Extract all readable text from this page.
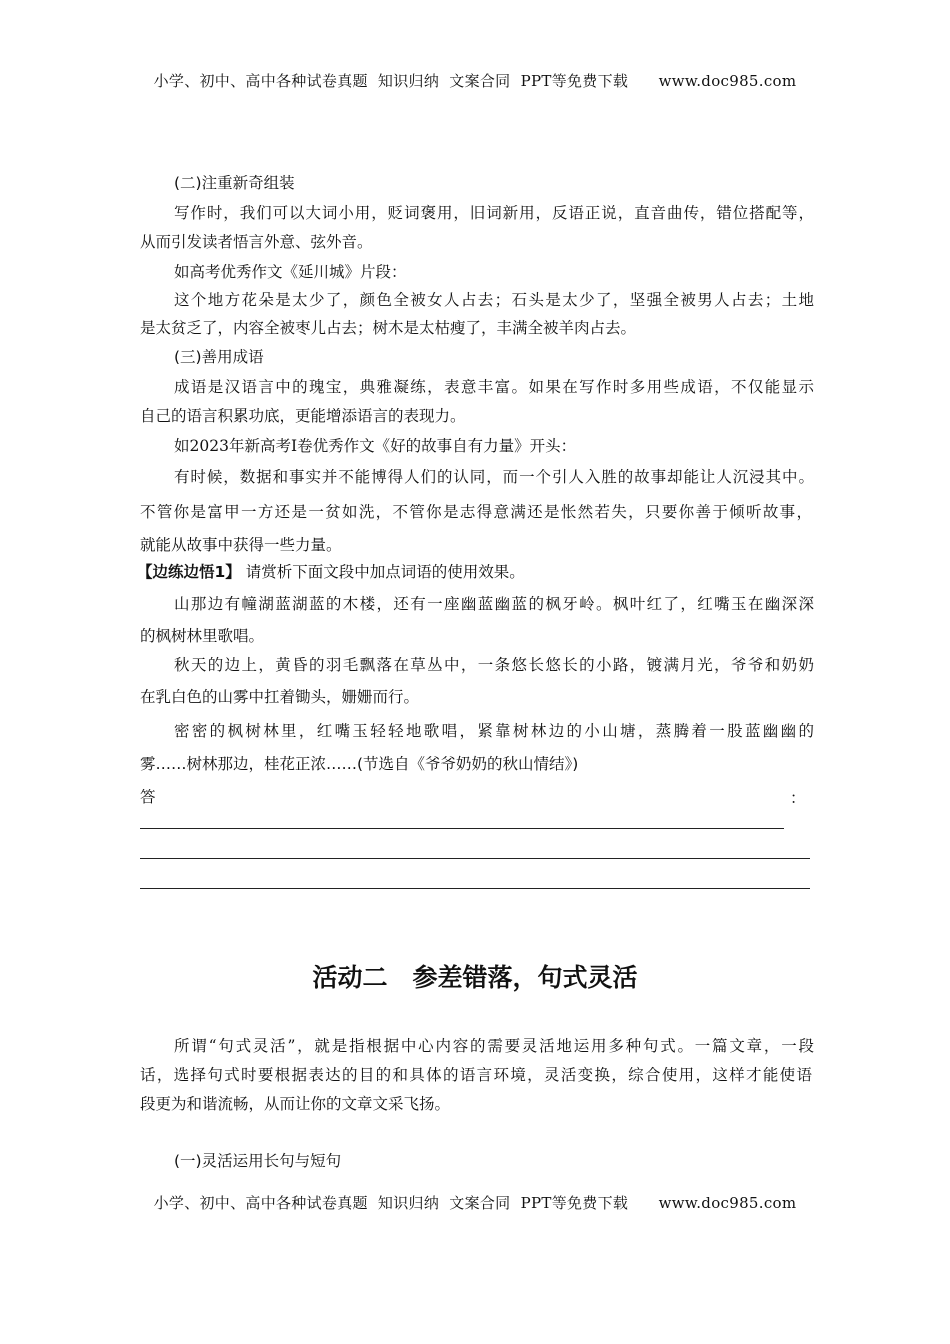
小学、初中、高中各种试卷真题  知识归纳  文案合同  PPT等免费下载      www.doc985.com
(二)注重新奇组装
写作时，我们可以大词小用，贬词褒用，旧词新用，反语正说，直音曲传，错位搭配等，
从而引发读者悟言外意、弦外音。
如高考优秀作文《延川城》片段：
这个地方花朵是太少了，颜色全被女人占去；石头是太少了，坚强全被男人占去；土地
是太贫乏了，内容全被枣儿占去；树木是太枯瘦了，丰满全被羊肉占去。
(三)善用成语
成语是汉语言中的瑰宝，典雅凝练，表意丰富。如果在写作时多用些成语，不仅能显示
自己的语言积累功底，更能增添语言的表现力。
如2023年新高考Ⅰ卷优秀作文《好的故事自有力量》开头：
有时候，数据和事实并不能博得人们的认同，而一个引人入胜的故事却能让人沉浸其中。
不管你是富甲一方还是一贫如洗，不管你是志得意满还是怅然若失，只要你善于倾听故事，
就能从故事中获得一些力量。
【边练边悟1】 请赏析下面文段中加点词语的使用效果。
山那边有幢湖蓝湖蓝的木楼，还有一座幽蓝幽蓝的枫牙岭。枫叶红了，红嘴玉在幽深深
的枫树林里歌唱。
秋天的边上，黄昏的羽毛飘落在草丛中，一条悠长悠长的小路，镀满月光，爷爷和奶奶
在乳白色的山雾中扛着锄头，姗姗而行。
密密的枫树林里，红嘴玉轻轻地歌唱，紧靠树林边的小山塘，蒸腾着一股蓝幽幽的
雾……树林那边，桂花正浓……(节选自《爷爷奶奶的秋山情结》)
答	：
活动二　参差错落，句式灵活
所谓“句式灵活”，就是指根据中心内容的需要灵活地运用多种句式。一篇文章，一段
话，选择句式时要根据表达的目的和具体的语言环境，灵活变换，综合使用，这样才能使语
段更为和谐流畅，从而让你的文章文采飞扬。
(一)灵活运用长句与短句
小学、初中、高中各种试卷真题  知识归纳  文案合同  PPT等免费下载      www.doc985.com
